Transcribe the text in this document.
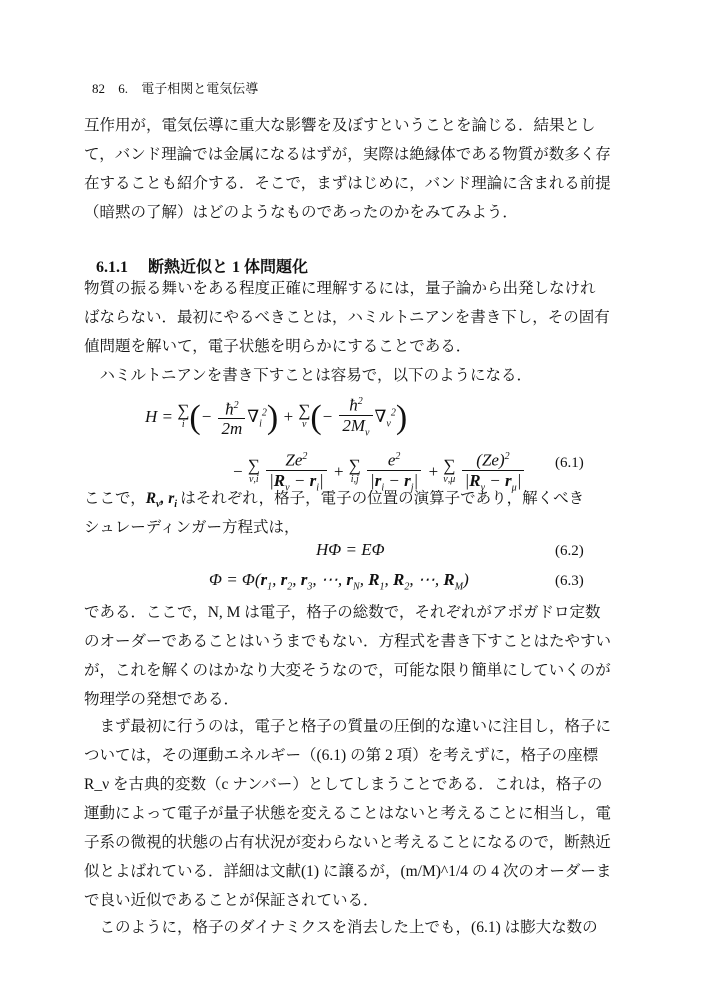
82 6. 電子相関と電気伝導
互作用が，電気伝導に重大な影響を及ぼすということを論じる．結果とし
て，バンド理論では金属になるはずが，実際は絶縁体である物質が数多く存
在することも紹介する．そこで，まずはじめに，バンド理論に含まれる前提
（暗黙の了解）はどのようなものであったのかをみてみよう．
6.1.1 断熱近似と 1 体問題化
物質の振る舞いをある程度正確に理解するには，量子論から出発しなけれ
ばならない．最初にやるべきことは，ハミルトニアンを書き下し，その固有
値問題を解いて，電子状態を明らかにすることである．
　ハミルトニアンを書き下すことは容易で，以下のようになる．
H = ∑
i (− $\frac{ħ^2}{2m} \nabla_i^2$) + ∑
ν (− $\frac{ħ^2}{2M_\nu} \nabla_\nu^2$)
− ∑
ν,i
$\frac{Ze^2}{|R_\nu - r_i|}$ + ∑
i,j
$\frac{e^2}{|r_i - r_j|}$ + ∑
ν,μ
$\frac{(Ze)^2}{|R_\nu - r_\mu|} (6.1)$
ここで，$R_\nu$, $r_i$  はそれぞれ，格子，電子の位置の演算子であり，解くべき
シュレーディンガー方程式は，
HΦ = EΦ	(6.2)
$\Phi = \Phi(r_1$, $r_2$, $r_3$, ⋯, $r_N$, $R_1$, $R_2$, ⋯, $R_M$)	(6.3)
である．ここで，N, M は電子，格子の総数で，それぞれがアボガドロ定数
のオーダーであることはいうまでもない．方程式を書き下すことはたやすい
が，これを解くのはかなり大変そうなので，可能な限り簡単にしていくのが
物理学の発想である．
　まず最初に行うのは，電子と格子の質量の圧倒的な違いに注目し，格子に
ついては，その運動エネルギー（(6.1) の第 2 項）を考えずに，格子の座標
R_ν を古典的変数（c ナンバー）としてしまうことである．これは，格子の
運動によって電子が量子状態を変えることはないと考えることに相当し，電
子系の微視的状態の占有状況が変わらないと考えることになるので，断熱近
似とよばれている．詳細は文献(1) に譲るが，(m/M)^1/4 の 4 次のオーダーま
で良い近似であることが保証されている．
　このように，格子のダイナミクスを消去した上でも，(6.1) は膨大な数の
